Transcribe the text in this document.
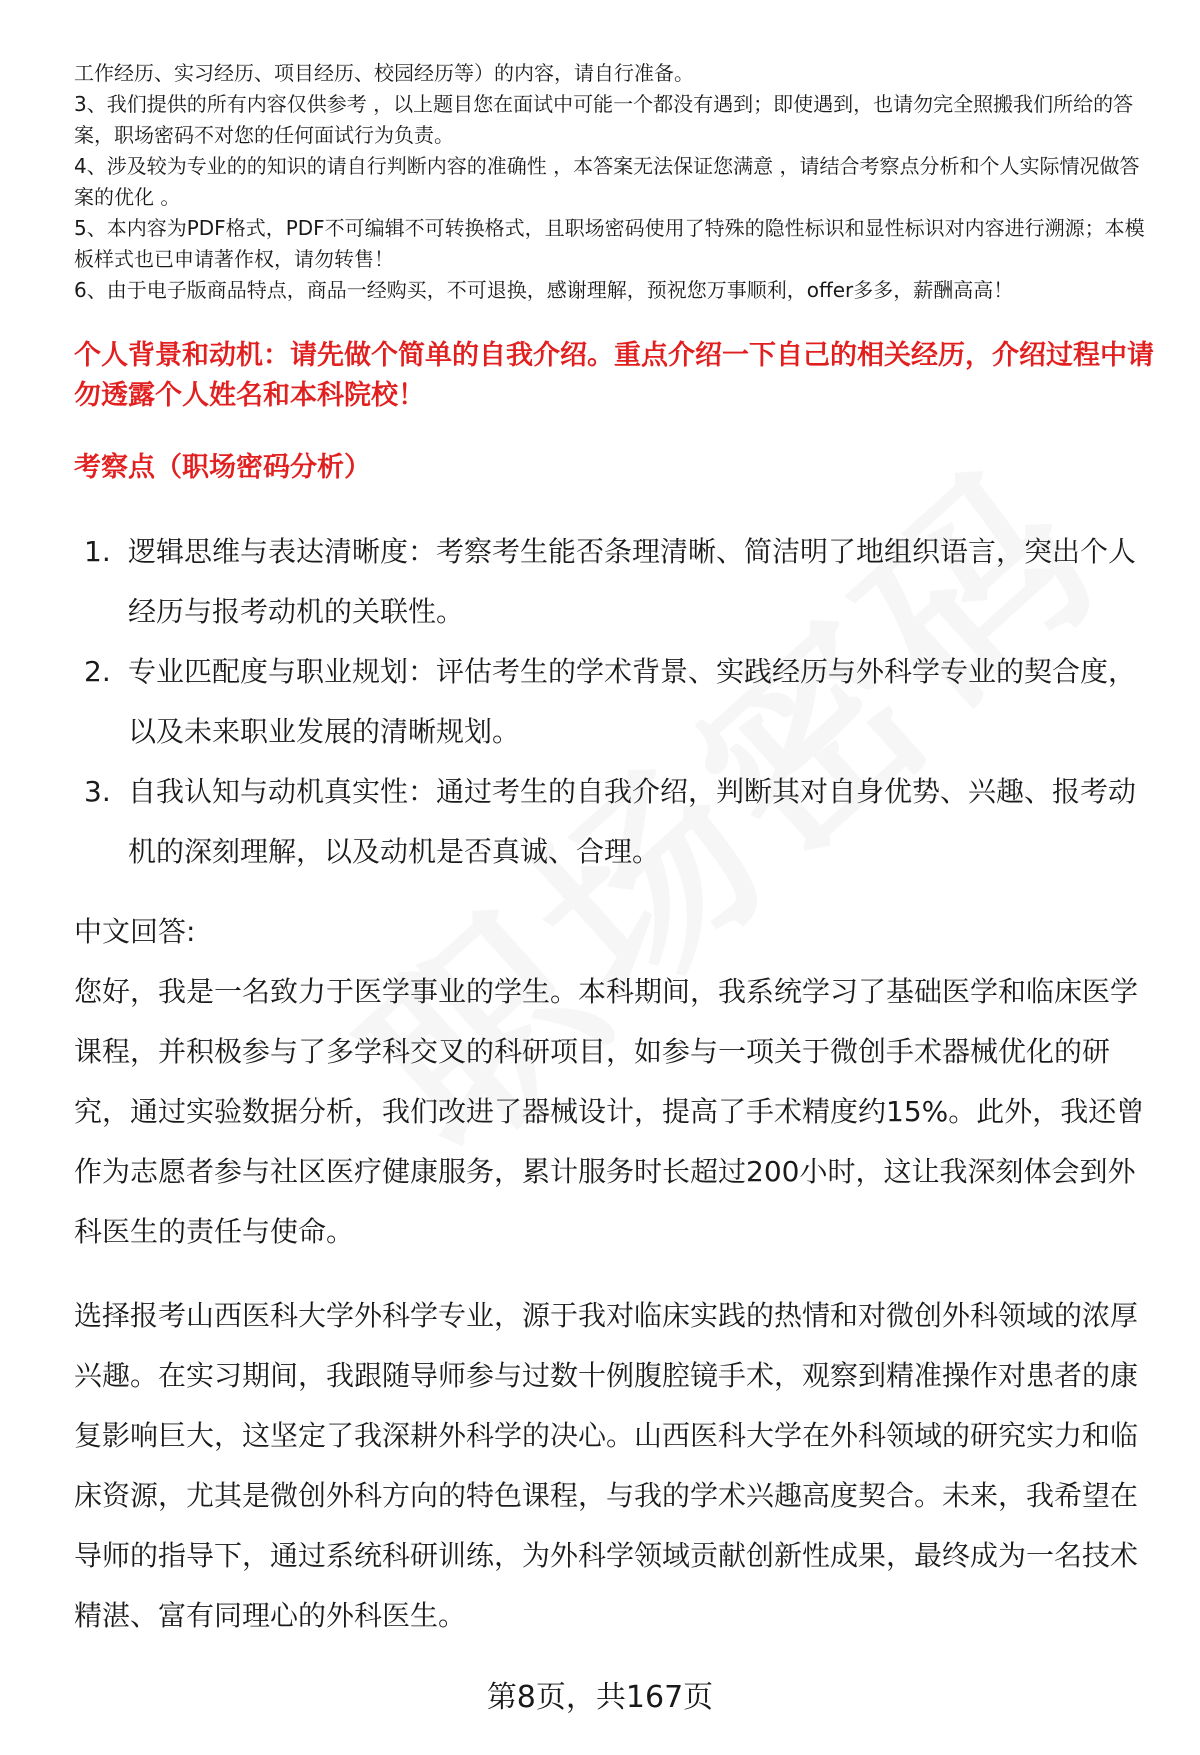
工作经历、实习经历、项目经历、校园经历等）的内容，请自行准备。

3、我们提供的所有内容仅供参考 ，以上题目您在面试中可能一个都没有遇到；即使遇到，也请勿完全照搬我们所给的答案，职场密码不对您的任何面试行为负责。

4、涉及较为专业的的知识的请自行判断内容的准确性 ，本答案无法保证您满意 ，请结合考察点分析和个人实际情况做答案的优化 。

5、本内容为PDF格式，PDF不可编辑不可转换格式，且职场密码使用了特殊的隐性标识和显性标识对内容进行溯源；本模板样式也已申请著作权，请勿转售！

6、由于电子版商品特点，商品一经购买，不可退换，感谢理解，预祝您万事顺利，offer多多，薪酬高高！

个人背景和动机：请先做个简单的自我介绍。重点介绍一下自己的相关经历，介绍过程中请勿透露个人姓名和本科院校！
考察点（职场密码分析）
1. 逻辑思维与表达清晰度：考察考生能否条理清晰、简洁明了地组织语言，突出个人经历与报考动机的关联性。
2. 专业匹配度与职业规划：评估考生的学术背景、实践经历与外科学专业的契合度，以及未来职业发展的清晰规划。
3. 自我认知与动机真实性：通过考生的自我介绍，判断其对自身优势、兴趣、报考动机的深刻理解，以及动机是否真诚、合理。
中文回答:

您好，我是一名致力于医学事业的学生。本科期间，我系统学习了基础医学和临床医学课程，并积极参与了多学科交叉的科研项目，如参与一项关于微创手术器械优化的研究，通过实验数据分析，我们改进了器械设计，提高了手术精度约15%。此外，我还曾作为志愿者参与社区医疗健康服务，累计服务时长超过200小时，这让我深刻体会到外科医生的责任与使命。

选择报考山西医科大学外科学专业，源于我对临床实践的热情和对微创外科领域的浓厚兴趣。在实习期间，我跟随导师参与过数十例腹腔镜手术，观察到精准操作对患者的康复影响巨大，这坚定了我深耕外科学的决心。山西医科大学在外科领域的研究实力和临床资源，尤其是微创外科方向的特色课程，与我的学术兴趣高度契合。未来，我希望在导师的指导下，通过系统科研训练，为外科学领域贡献创新性成果，最终成为一名技术精湛、富有同理心的外科医生。

第8页，共167页
